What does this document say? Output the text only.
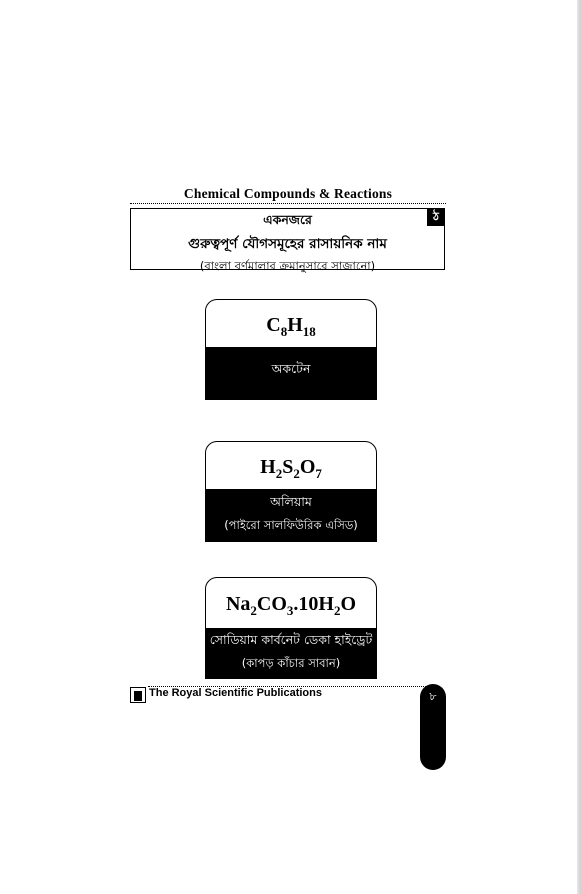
Chemical Compounds & Reactions
একনজরে
গুরুত্বপূর্ণ যৌগসমূহের রাসায়নিক নাম
(বাংলা বর্ণমালার ক্রমানুসারে সাজানো)
ঠ
$C_8H_{18}$
অকটেন
$H_2S_2O_7$
অলিয়াম
(পাইরো সালফিউরিক এসিড)
$Na_2CO_3.10H_2O$
সোডিয়াম কার্বনেট ডেকা হাইড্রেট
(কাপড় কাঁচার সাবান)
The Royal Scientific Publications	৮
